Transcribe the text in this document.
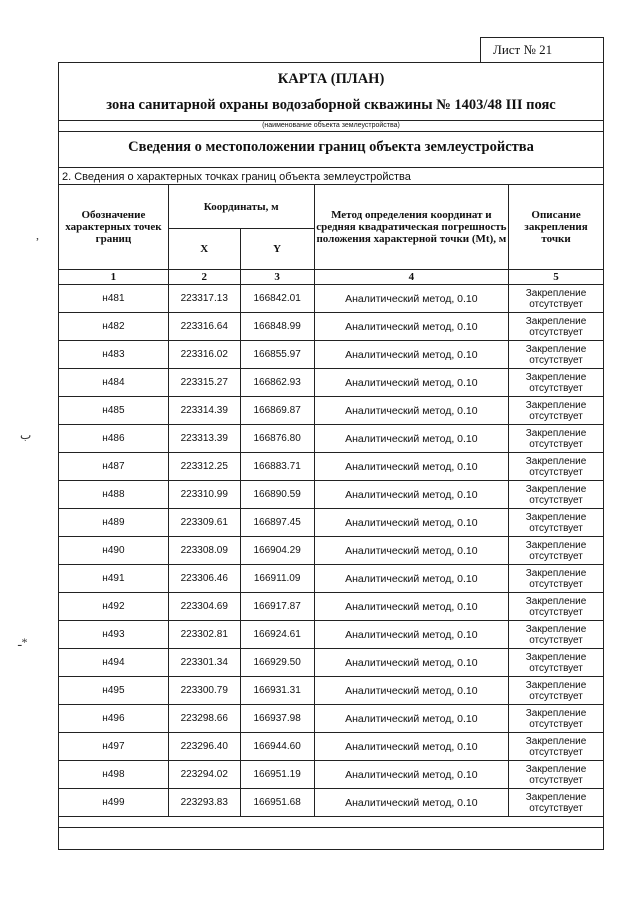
Лист № 21
,
ب
ـ*
КАРТА (ПЛАН)
зона санитарной охраны водозаборной скважины № 1403/48 III пояс
(наименование объекта землеустройства)
Сведения о местоположении границ объекта землеустройства
2. Сведения о характерных точках границ объекта землеустройства
Обозначение характерных точек границ	Координаты, м		Метод определения координат и средняя квадратическая погрешность положения характерной точки (Mt), м	Описание закрепления точки
	X	Y		
1	2	3	4	5
н481	223317.13	166842.01	Аналитический метод, 0.10	Закрепление отсутствует
н482	223316.64	166848.99	Аналитический метод, 0.10	Закрепление отсутствует
н483	223316.02	166855.97	Аналитический метод, 0.10	Закрепление отсутствует
н484	223315.27	166862.93	Аналитический метод, 0.10	Закрепление отсутствует
н485	223314.39	166869.87	Аналитический метод, 0.10	Закрепление отсутствует
н486	223313.39	166876.80	Аналитический метод, 0.10	Закрепление отсутствует
н487	223312.25	166883.71	Аналитический метод, 0.10	Закрепление отсутствует
н488	223310.99	166890.59	Аналитический метод, 0.10	Закрепление отсутствует
н489	223309.61	166897.45	Аналитический метод, 0.10	Закрепление отсутствует
н490	223308.09	166904.29	Аналитический метод, 0.10	Закрепление отсутствует
н491	223306.46	166911.09	Аналитический метод, 0.10	Закрепление отсутствует
н492	223304.69	166917.87	Аналитический метод, 0.10	Закрепление отсутствует
н493	223302.81	166924.61	Аналитический метод, 0.10	Закрепление отсутствует
н494	223301.34	166929.50	Аналитический метод, 0.10	Закрепление отсутствует
н495	223300.79	166931.31	Аналитический метод, 0.10	Закрепление отсутствует
н496	223298.66	166937.98	Аналитический метод, 0.10	Закрепление отсутствует
н497	223296.40	166944.60	Аналитический метод, 0.10	Закрепление отсутствует
н498	223294.02	166951.19	Аналитический метод, 0.10	Закрепление отсутствует
н499	223293.83	166951.68	Аналитический метод, 0.10	Закрепление отсутствует
